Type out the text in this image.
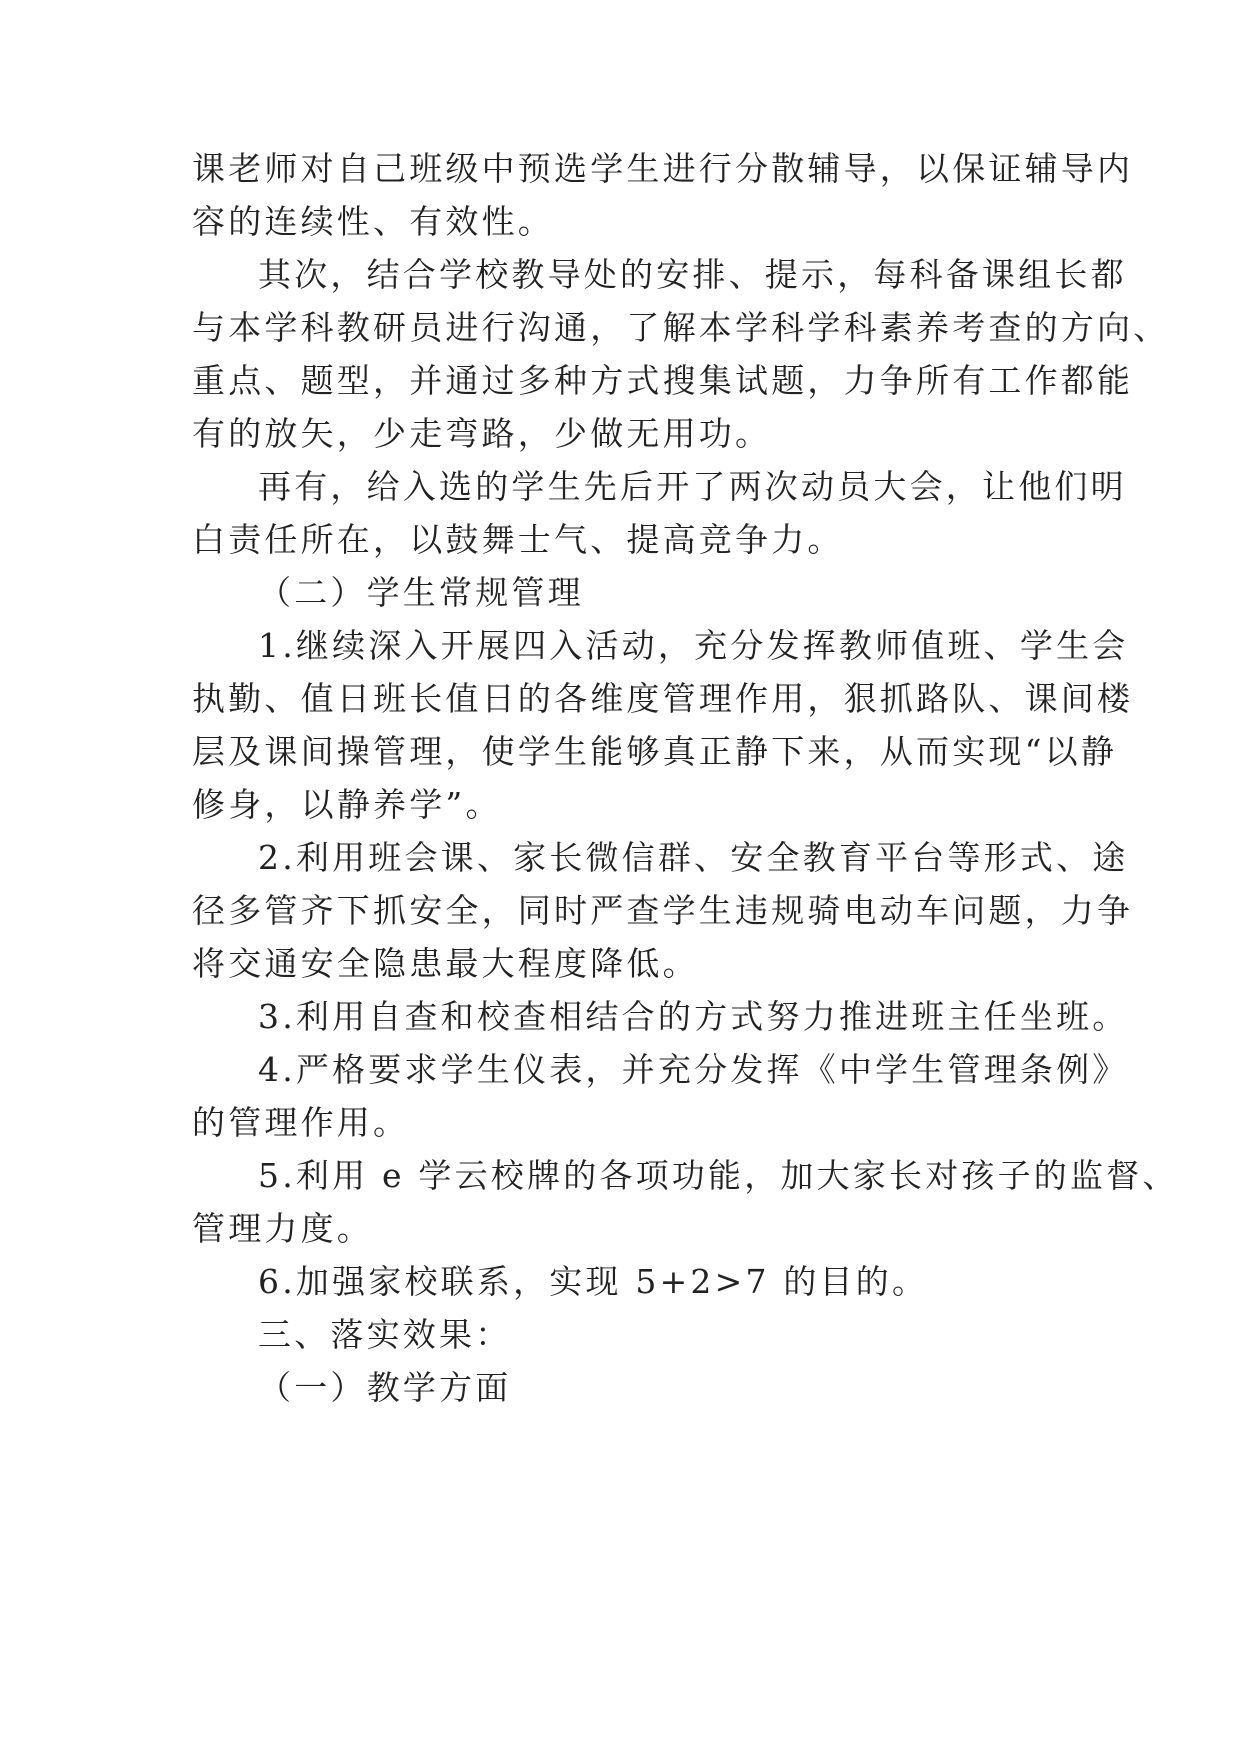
课老师对自己班级中预选学生进行分散辅导，以保证辅导内
容的连续性、有效性。
其次，结合学校教导处的安排、提示，每科备课组长都
与本学科教研员进行沟通，了解本学科学科素养考查的方向、
重点、题型，并通过多种方式搜集试题，力争所有工作都能
有的放矢，少走弯路，少做无用功。
再有，给入选的学生先后开了两次动员大会，让他们明
白责任所在，以鼓舞士气、提高竞争力。
（二）学生常规管理
1.继续深入开展四入活动，充分发挥教师值班、学生会
执勤、值日班长值日的各维度管理作用，狠抓路队、课间楼
层及课间操管理，使学生能够真正静下来，从而实现“以静
修身，以静养学”。
2.利用班会课、家长微信群、安全教育平台等形式、途
径多管齐下抓安全，同时严查学生违规骑电动车问题，力争
将交通安全隐患最大程度降低。
3.利用自查和校查相结合的方式努力推进班主任坐班。
4.严格要求学生仪表，并充分发挥《中学生管理条例》
的管理作用。
5.利用 e 学云校牌的各项功能，加大家长对孩子的监督、
管理力度。
6.加强家校联系，实现 5+2>7 的目的。
三、落实效果：
（一）教学方面
